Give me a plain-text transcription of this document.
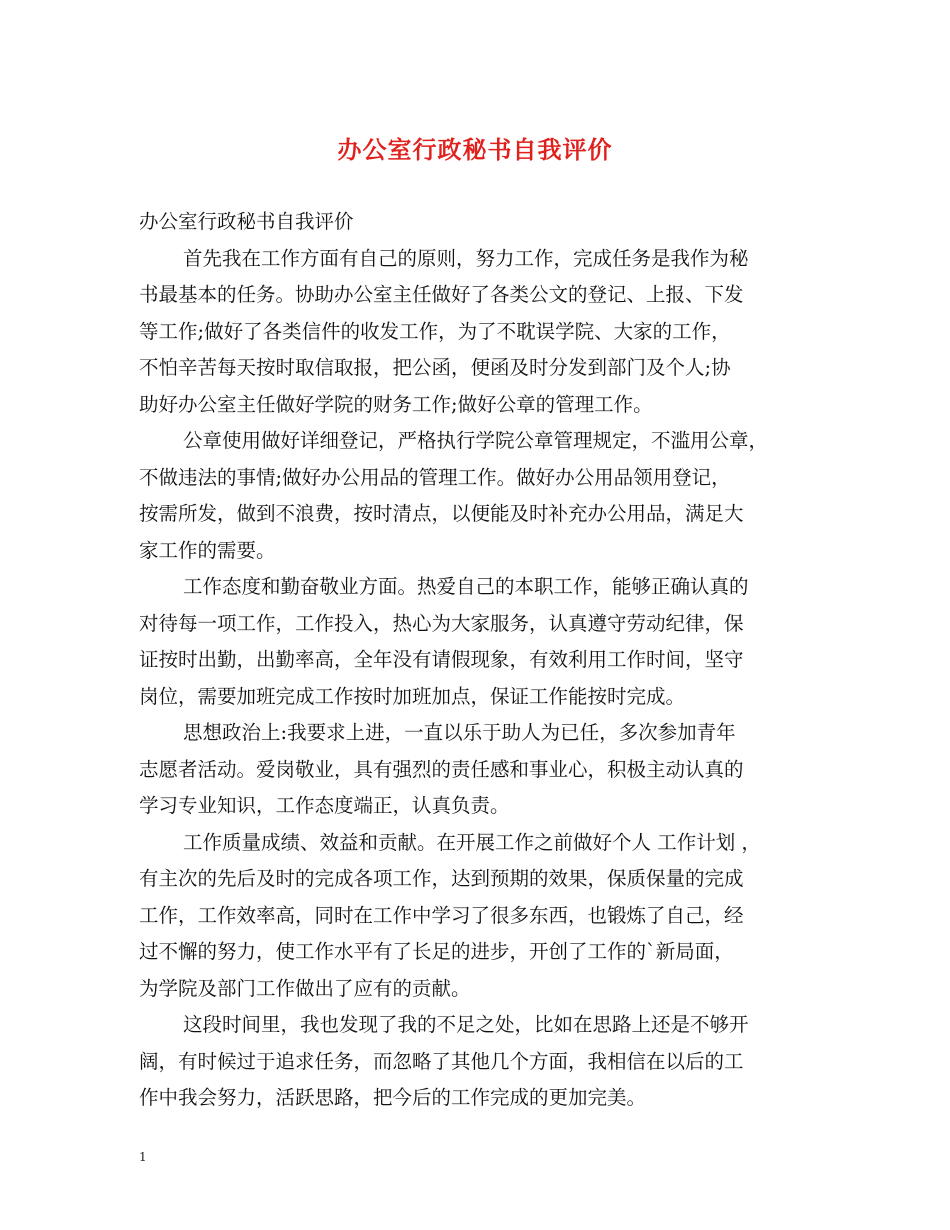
办公室行政秘书自我评价
办公室行政秘书自我评价
首先我在工作方面有自己的原则，努力工作，完成任务是我作为秘
书最基本的任务。协助办公室主任做好了各类公文的登记、上报、下发
等工作;做好了各类信件的收发工作，为了不耽误学院、大家的工作，
不怕辛苦每天按时取信取报，把公函，便函及时分发到部门及个人;协
助好办公室主任做好学院的财务工作;做好公章的管理工作。
公章使用做好详细登记，严格执行学院公章管理规定，不滥用公章，
不做违法的事情;做好办公用品的管理工作。做好办公用品领用登记，
按需所发，做到不浪费，按时清点，以便能及时补充办公用品，满足大
家工作的需要。
工作态度和勤奋敬业方面。热爱自己的本职工作，能够正确认真的
对待每一项工作，工作投入，热心为大家服务，认真遵守劳动纪律，保
证按时出勤，出勤率高，全年没有请假现象，有效利用工作时间，坚守
岗位，需要加班完成工作按时加班加点，保证工作能按时完成。
思想政治上:我要求上进，一直以乐于助人为已任，多次参加青年
志愿者活动。爱岗敬业，具有强烈的责任感和事业心，积极主动认真的
学习专业知识，工作态度端正，认真负责。
工作质量成绩、效益和贡献。在开展工作之前做好个人 工作计划 ，
有主次的先后及时的完成各项工作，达到预期的效果，保质保量的完成
工作，工作效率高，同时在工作中学习了很多东西，也锻炼了自己，经
过不懈的努力，使工作水平有了长足的进步，开创了工作的`新局面，
为学院及部门工作做出了应有的贡献。
这段时间里，我也发现了我的不足之处，比如在思路上还是不够开
阔，有时候过于追求任务，而忽略了其他几个方面，我相信在以后的工
作中我会努力，活跃思路，把今后的工作完成的更加完美。
1
